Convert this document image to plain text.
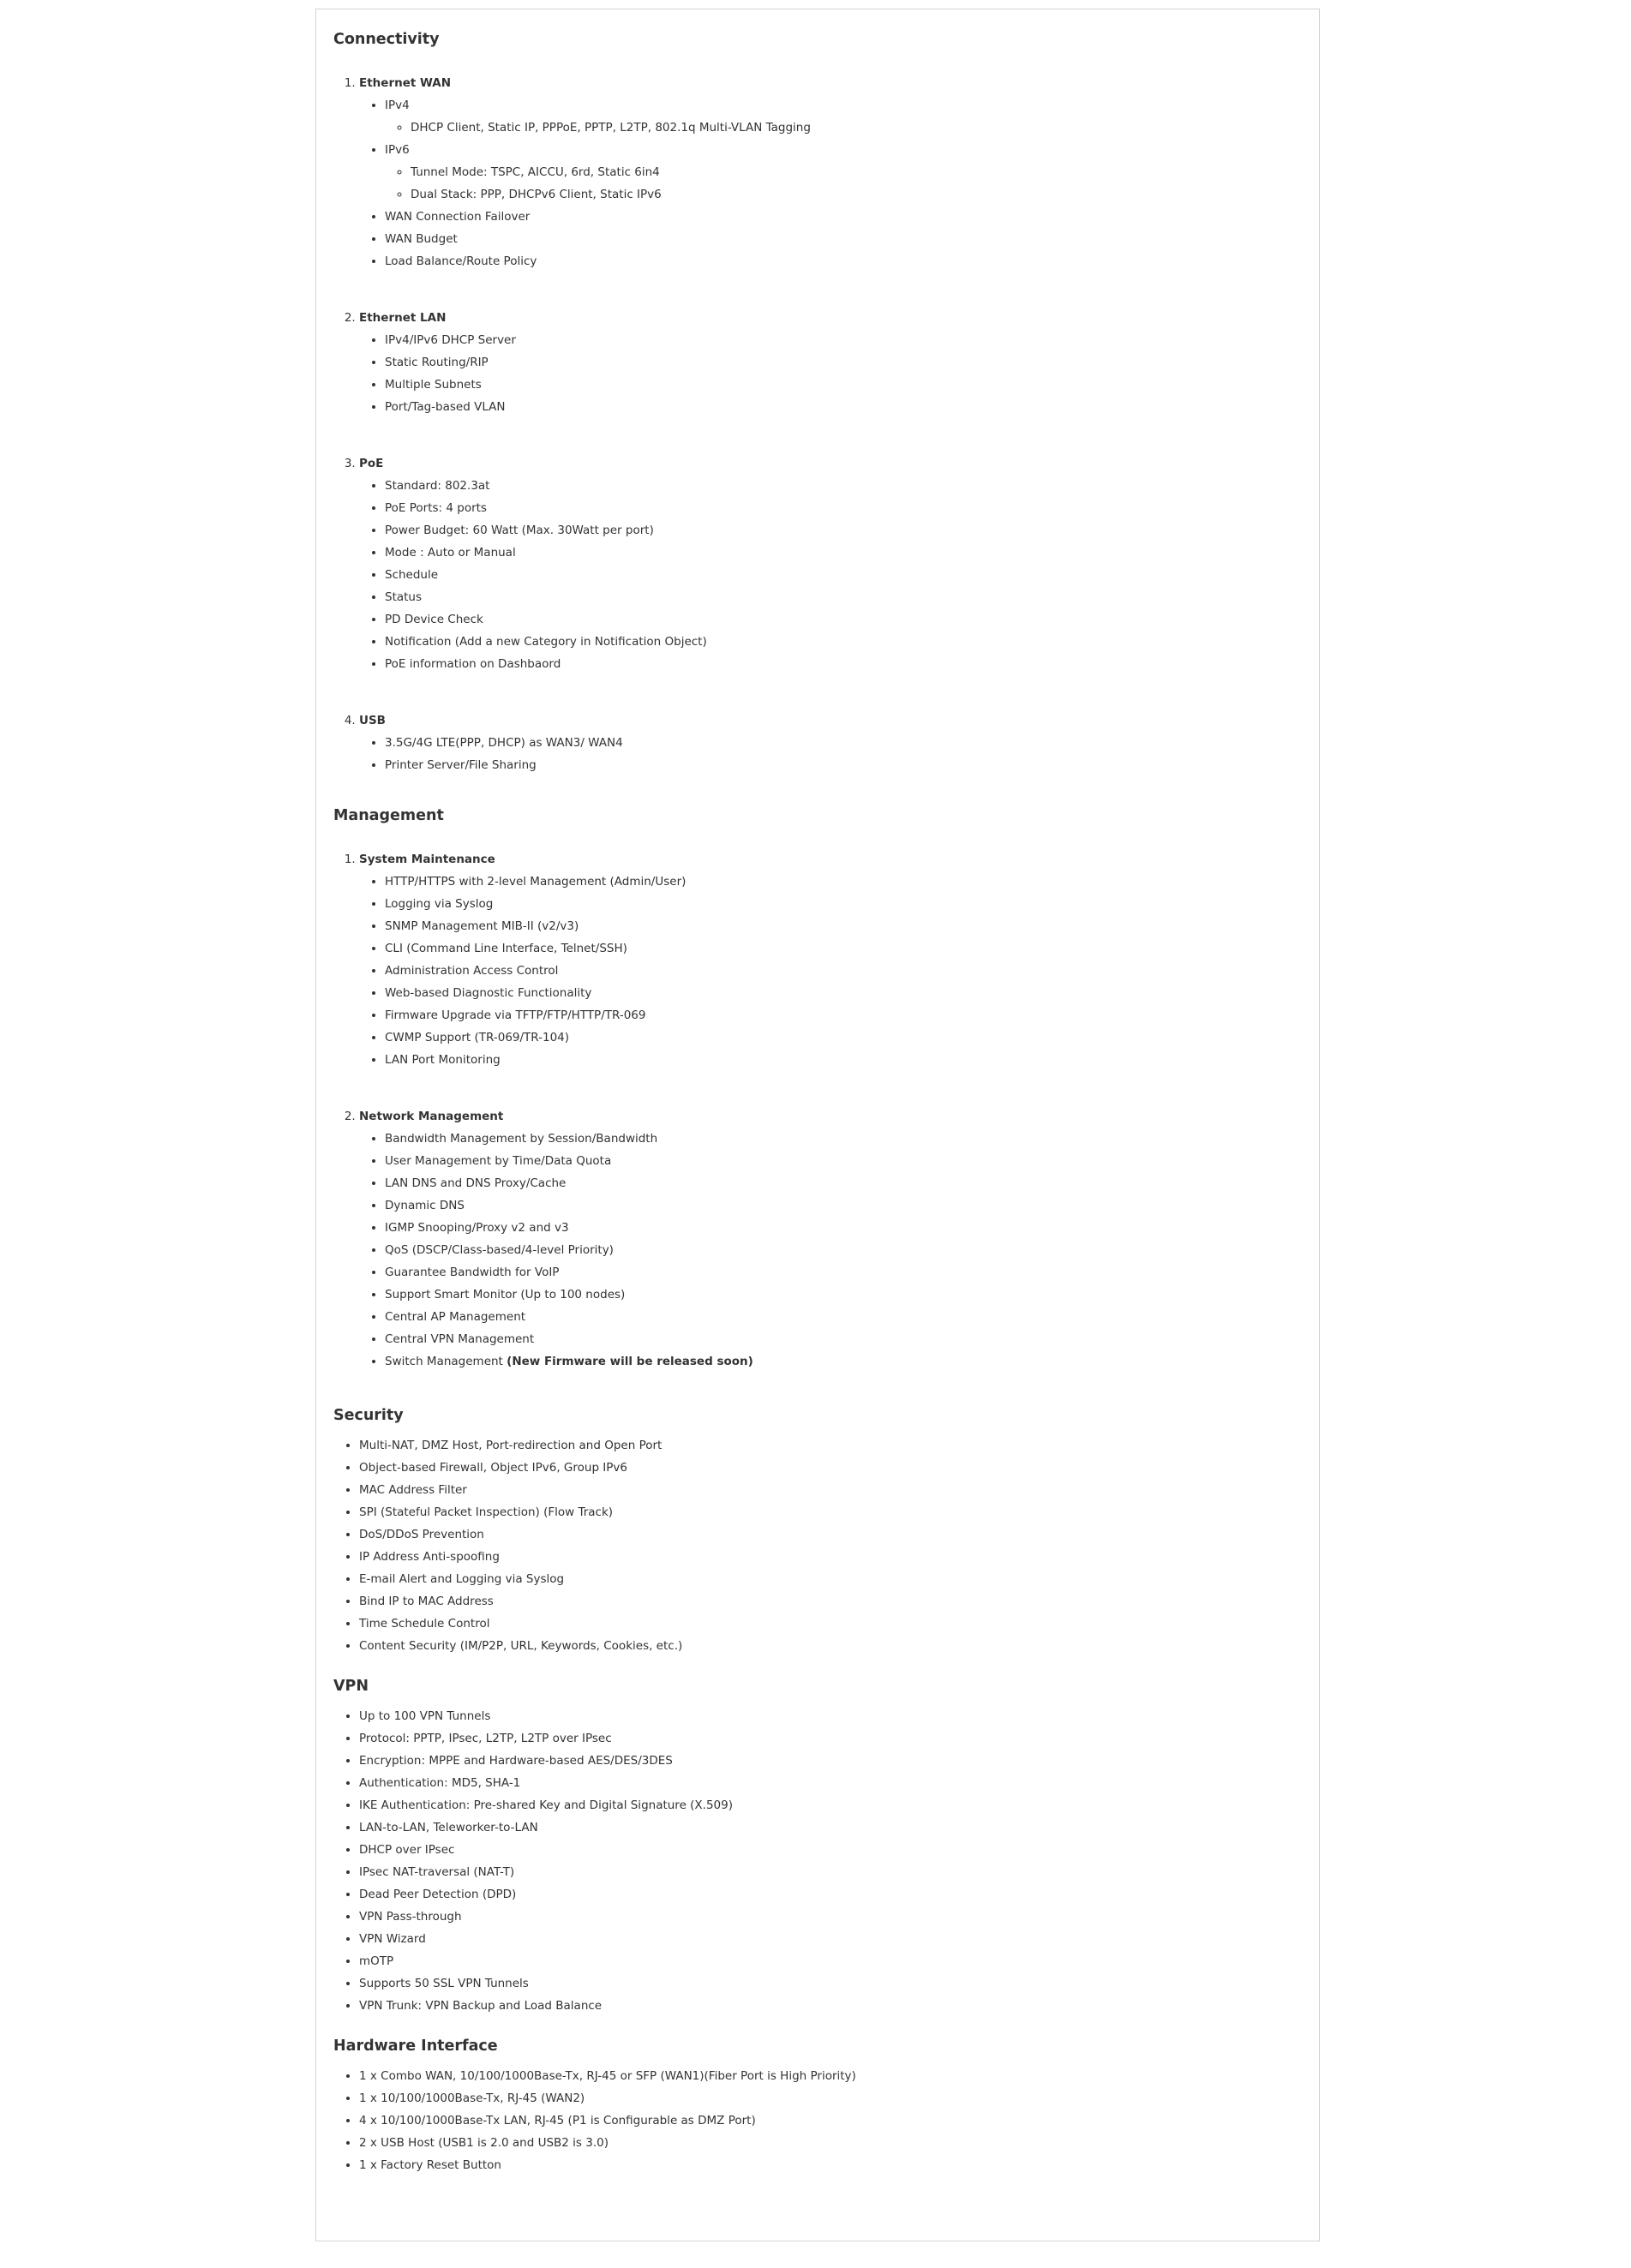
Connectivity
1. Ethernet WAN
• IPv4
◦ DHCP Client, Static IP, PPPoE, PPTP, L2TP, 802.1q Multi-VLAN Tagging
• IPv6
◦ Tunnel Mode: TSPC, AICCU, 6rd, Static 6in4
◦ Dual Stack: PPP, DHCPv6 Client, Static IPv6
• WAN Connection Failover
• WAN Budget
• Load Balance/Route Policy
2. Ethernet LAN
• IPv4/IPv6 DHCP Server
• Static Routing/RIP
• Multiple Subnets
• Port/Tag-based VLAN
3. PoE
• Standard: 802.3at
• PoE Ports: 4 ports
• Power Budget: 60 Watt (Max. 30Watt per port)
• Mode : Auto or Manual
• Schedule
• Status
• PD Device Check
• Notification (Add a new Category in Notification Object)
• PoE information on Dashbaord
4. USB
• 3.5G/4G LTE(PPP, DHCP) as WAN3/ WAN4
• Printer Server/File Sharing
Management
1. System Maintenance
• HTTP/HTTPS with 2-level Management (Admin/User)
• Logging via Syslog
• SNMP Management MIB-II (v2/v3)
• CLI (Command Line Interface, Telnet/SSH)
• Administration Access Control
• Web-based Diagnostic Functionality
• Firmware Upgrade via TFTP/FTP/HTTP/TR-069
• CWMP Support (TR-069/TR-104)
• LAN Port Monitoring
2. Network Management
• Bandwidth Management by Session/Bandwidth
• User Management by Time/Data Quota
• LAN DNS and DNS Proxy/Cache
• Dynamic DNS
• IGMP Snooping/Proxy v2 and v3
• QoS (DSCP/Class-based/4-level Priority)
• Guarantee Bandwidth for VoIP
• Support Smart Monitor (Up to 100 nodes)
• Central AP Management
• Central VPN Management
• Switch Management (New Firmware will be released soon)
Security
• Multi-NAT, DMZ Host, Port-redirection and Open Port
• Object-based Firewall, Object IPv6, Group IPv6
• MAC Address Filter
• SPI (Stateful Packet Inspection) (Flow Track)
• DoS/DDoS Prevention
• IP Address Anti-spoofing
• E-mail Alert and Logging via Syslog
• Bind IP to MAC Address
• Time Schedule Control
• Content Security (IM/P2P, URL, Keywords, Cookies, etc.)
VPN
• Up to 100 VPN Tunnels
• Protocol: PPTP, IPsec, L2TP, L2TP over IPsec
• Encryption: MPPE and Hardware-based AES/DES/3DES
• Authentication: MD5, SHA-1
• IKE Authentication: Pre-shared Key and Digital Signature (X.509)
• LAN-to-LAN, Teleworker-to-LAN
• DHCP over IPsec
• IPsec NAT-traversal (NAT-T)
• Dead Peer Detection (DPD)
• VPN Pass-through
• VPN Wizard
• mOTP
• Supports 50 SSL VPN Tunnels
• VPN Trunk: VPN Backup and Load Balance
Hardware Interface
• 1 x Combo WAN, 10/100/1000Base-Tx, RJ-45 or SFP (WAN1)(Fiber Port is High Priority)
• 1 x 10/100/1000Base-Tx, RJ-45 (WAN2)
• 4 x 10/100/1000Base-Tx LAN, RJ-45 (P1 is Configurable as DMZ Port)
• 2 x USB Host (USB1 is 2.0 and USB2 is 3.0)
• 1 x Factory Reset Button
